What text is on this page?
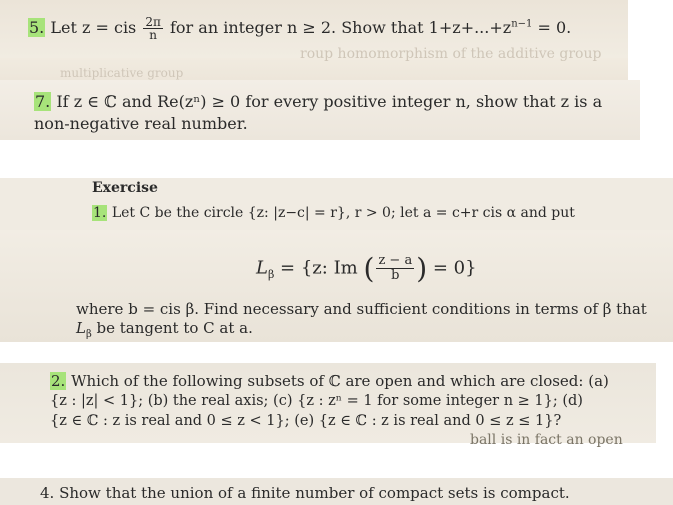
roup homomorphism of the additive group
multiplicative group
5. Let z = cis $\frac{2\pi}{n}$ for an integer n ≥ 2. Show that $1+z+...+z^{n-1} = 0$.
7. If z ∈ ℂ and Re(zⁿ) ≥ 0 for every positive integer n, show that z is a
non-negative real number.
Exercise
1. Let C be the circle {z: |z−c| = r}, r > 0; let a = c+r cis α and put
$L_\beta = \{z$: Im ( $\frac{z - a}{b}$ ) = 0}
where b = cis β. Find necessary and sufficient conditions in terms of β that
$L_\beta$ be tangent to C at a.
2. Which of the following subsets of ℂ are open and which are closed: (a)
{z : |z| < 1}; (b) the real axis; (c) {z : zⁿ = 1 for some integer n ≥ 1}; (d)
{z ∈ ℂ : z is real and 0 ≤ z < 1}; (e) {z ∈ ℂ : z is real and 0 ≤ z ≤ 1}?
ball is in fact an open
4. Show that the union of a finite number of compact sets is compact.
